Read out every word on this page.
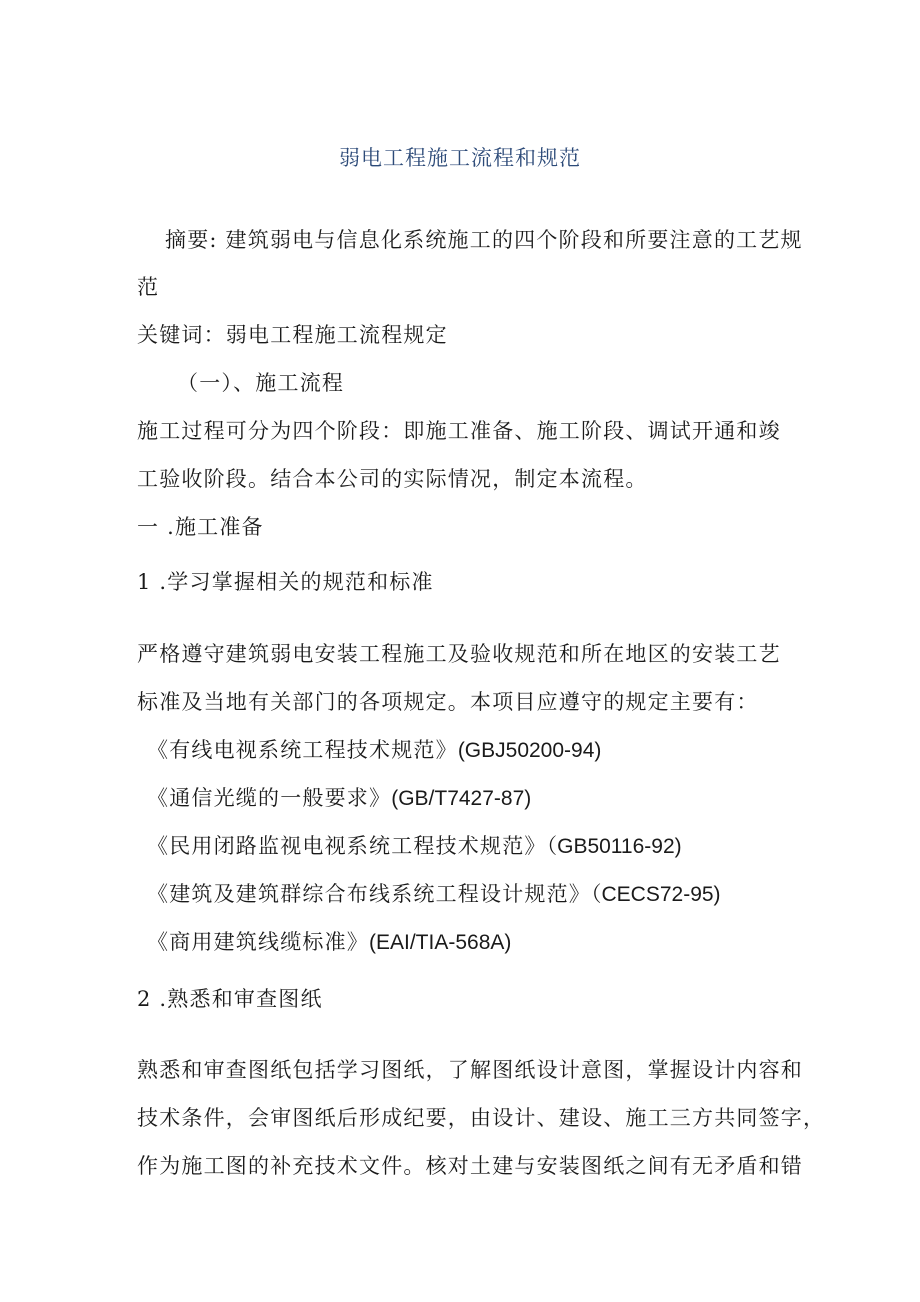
弱电工程施工流程和规范
摘要: 建筑弱电与信息化系统施工的四个阶段和所要注意的工艺规
范
关键词：弱电工程施工流程规定
（一）、施工流程
施工过程可分为四个阶段：即施工准备、施工阶段、调试开通和竣
工验收阶段。结合本公司的实际情况，制定本流程。
一 .施工准备
1 .学习掌握相关的规范和标准
严格遵守建筑弱电安装工程施工及验收规范和所在地区的安装工艺
标准及当地有关部门的各项规定。本项目应遵守的规定主要有：
《有线电视系统工程技术规范》(GBJ50200-94)
《通信光缆的一般要求》(GB/T7427-87)
《民用闭路监视电视系统工程技术规范》（GB50116-92)
《建筑及建筑群综合布线系统工程设计规范》（CECS72-95)
《商用建筑线缆标准》(EAI/TIA-568A)
2 .熟悉和审查图纸
熟悉和审查图纸包括学习图纸，了解图纸设计意图，掌握设计内容和
技术条件，会审图纸后形成纪要，由设计、建设、施工三方共同签字，
作为施工图的补充技术文件。核对土建与安装图纸之间有无矛盾和错
